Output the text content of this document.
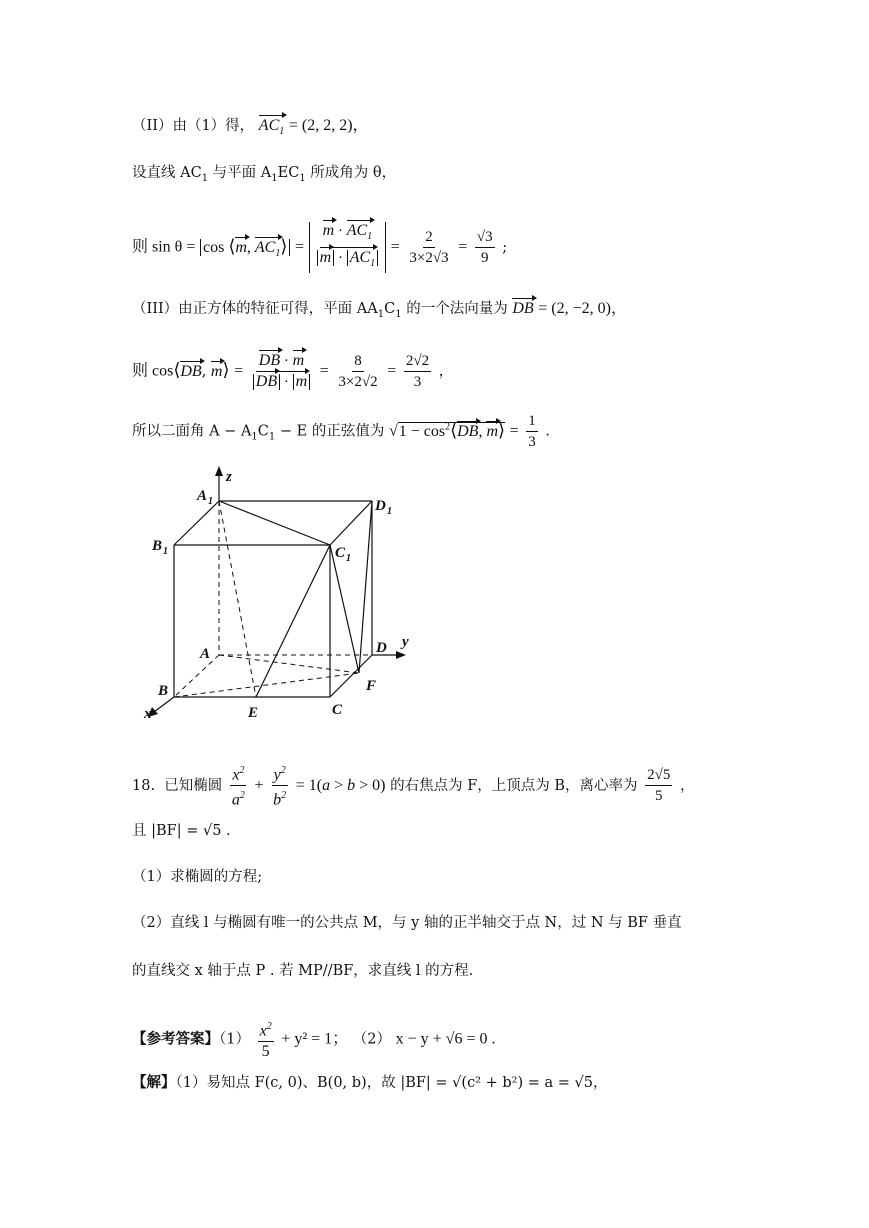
（II）由（1）得， $AC_1 = (2$, 2, 2)，
设直线 $AC_1$ 与平面 $A_1EC_1$ 所成角为 θ，
则 sin θ = cos ⟨m, $AC_1⟩ = \frac{m \cdot AC_1}{m \cdot AC_1} = \frac{2}{3\times 2√3} = \frac{√3}{9}$ ;
（III）由正方体的特征可得，平面 $AA_1C_1$ 的一个法向量为 DB = (2, −2, 0)，
则 cos⟨DB, m⟩ = $\frac{DB \cdot m}{DB \cdot m} = \frac{8}{3\times 2√2} = \frac{2√2}{3}$ ，
所以二面角 $A - A_1C_1 - E$ 的正弦值为 $√1 - \cos^2⟨DB$, m⟩ = $\frac{1}{3}$ .
A 1
z
D 1
B 1	C 1
A	D y
F
B
x	E	C
18. 已知椭圆 $\frac{x^2}{a^2} + \frac{y^2}{b^2} = 1(a > b > 0)$ 的右焦点为 F，上顶点为 B，离心率为 $\frac{2√5}{5}$ ，
且 |BF| = √5 .
（1）求椭圆的方程;
（2）直线 l 与椭圆有唯一的公共点 M，与 y 轴的正半轴交于点 N，过 N 与 BF 垂直
的直线交 x 轴于点 P . 若 MP//BF，求直线 l 的方程.
【参考答案】$(1) \frac{x^2}{5} + y^2 = 1$； （2） x − y + √6 = 0 .
【解】（1）易知点 F(c, 0)、B(0, b)，故 |BF| = √(c² + b²) = a = √5，
